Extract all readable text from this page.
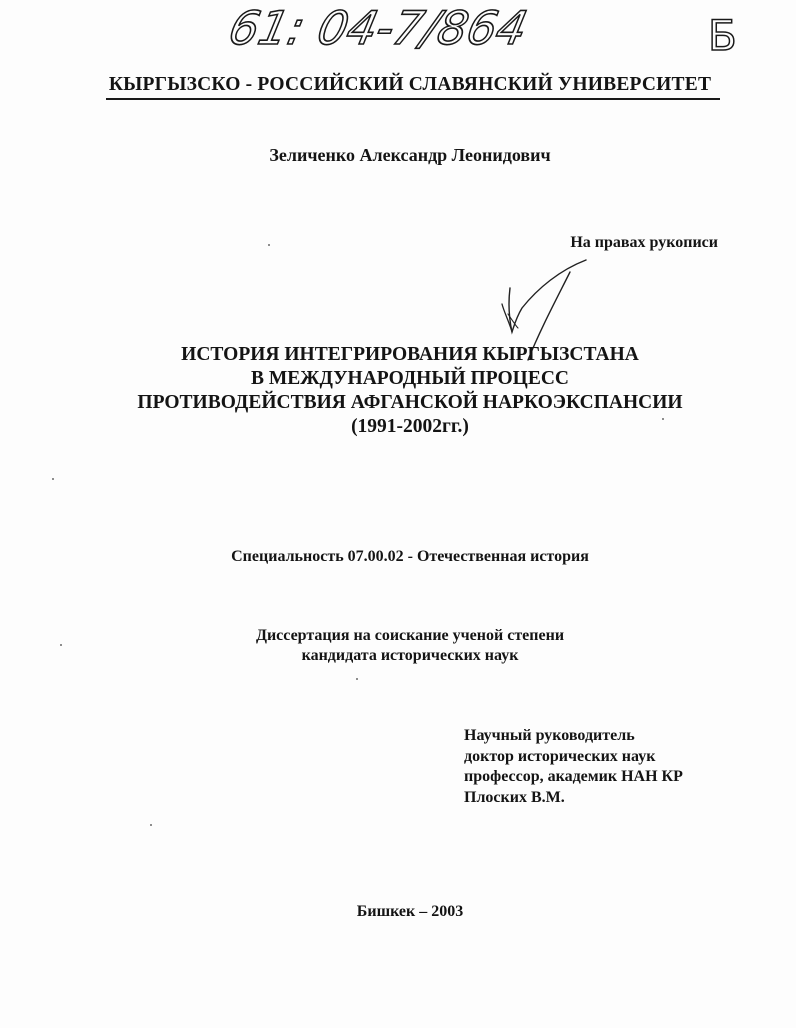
61: 04-7/864	Б
КЫРГЫЗСКО - РОССИЙСКИЙ СЛАВЯНСКИЙ УНИВЕРСИТЕТ
Зеличенко Александр Леонидович
На правах рукописи
ИСТОРИЯ ИНТЕГРИРОВАНИЯ КЫРГЫЗСТАНА
В МЕЖДУНАРОДНЫЙ ПРОЦЕСС
ПРОТИВОДЕЙСТВИЯ АФГАНСКОЙ НАРКОЭКСПАНСИИ
(1991-2002гг.)
Специальность 07.00.02 - Отечественная история
Диссертация на соискание ученой степени
кандидата исторических наук
Научный руководитель
доктор исторических наук
профессор, академик НАН КР
Плоских В.М.
Бишкек – 2003
